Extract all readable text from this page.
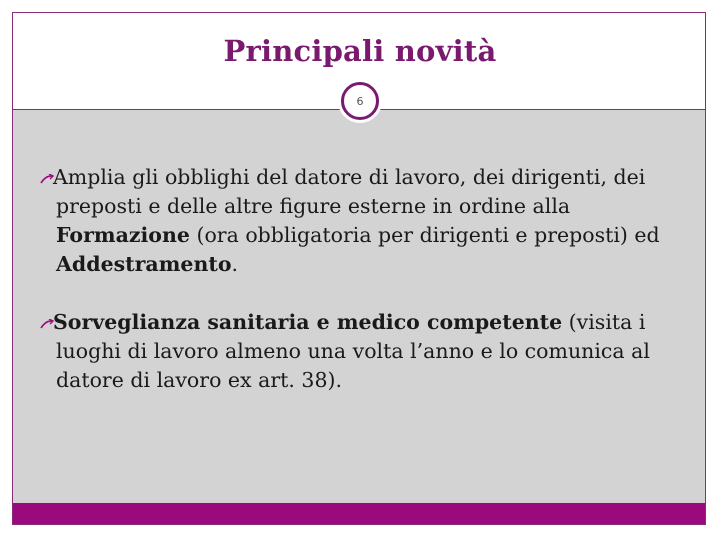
Principali novità
6
Amplia gli obblighi del datore di lavoro, dei dirigenti, dei preposti e delle altre figure esterne in ordine alla Formazione (ora obbligatoria per dirigenti e preposti) ed Addestramento.
Sorveglianza sanitaria e medico competente (visita i luoghi di lavoro almeno una volta l’anno e lo comunica al datore di lavoro ex art. 38).
